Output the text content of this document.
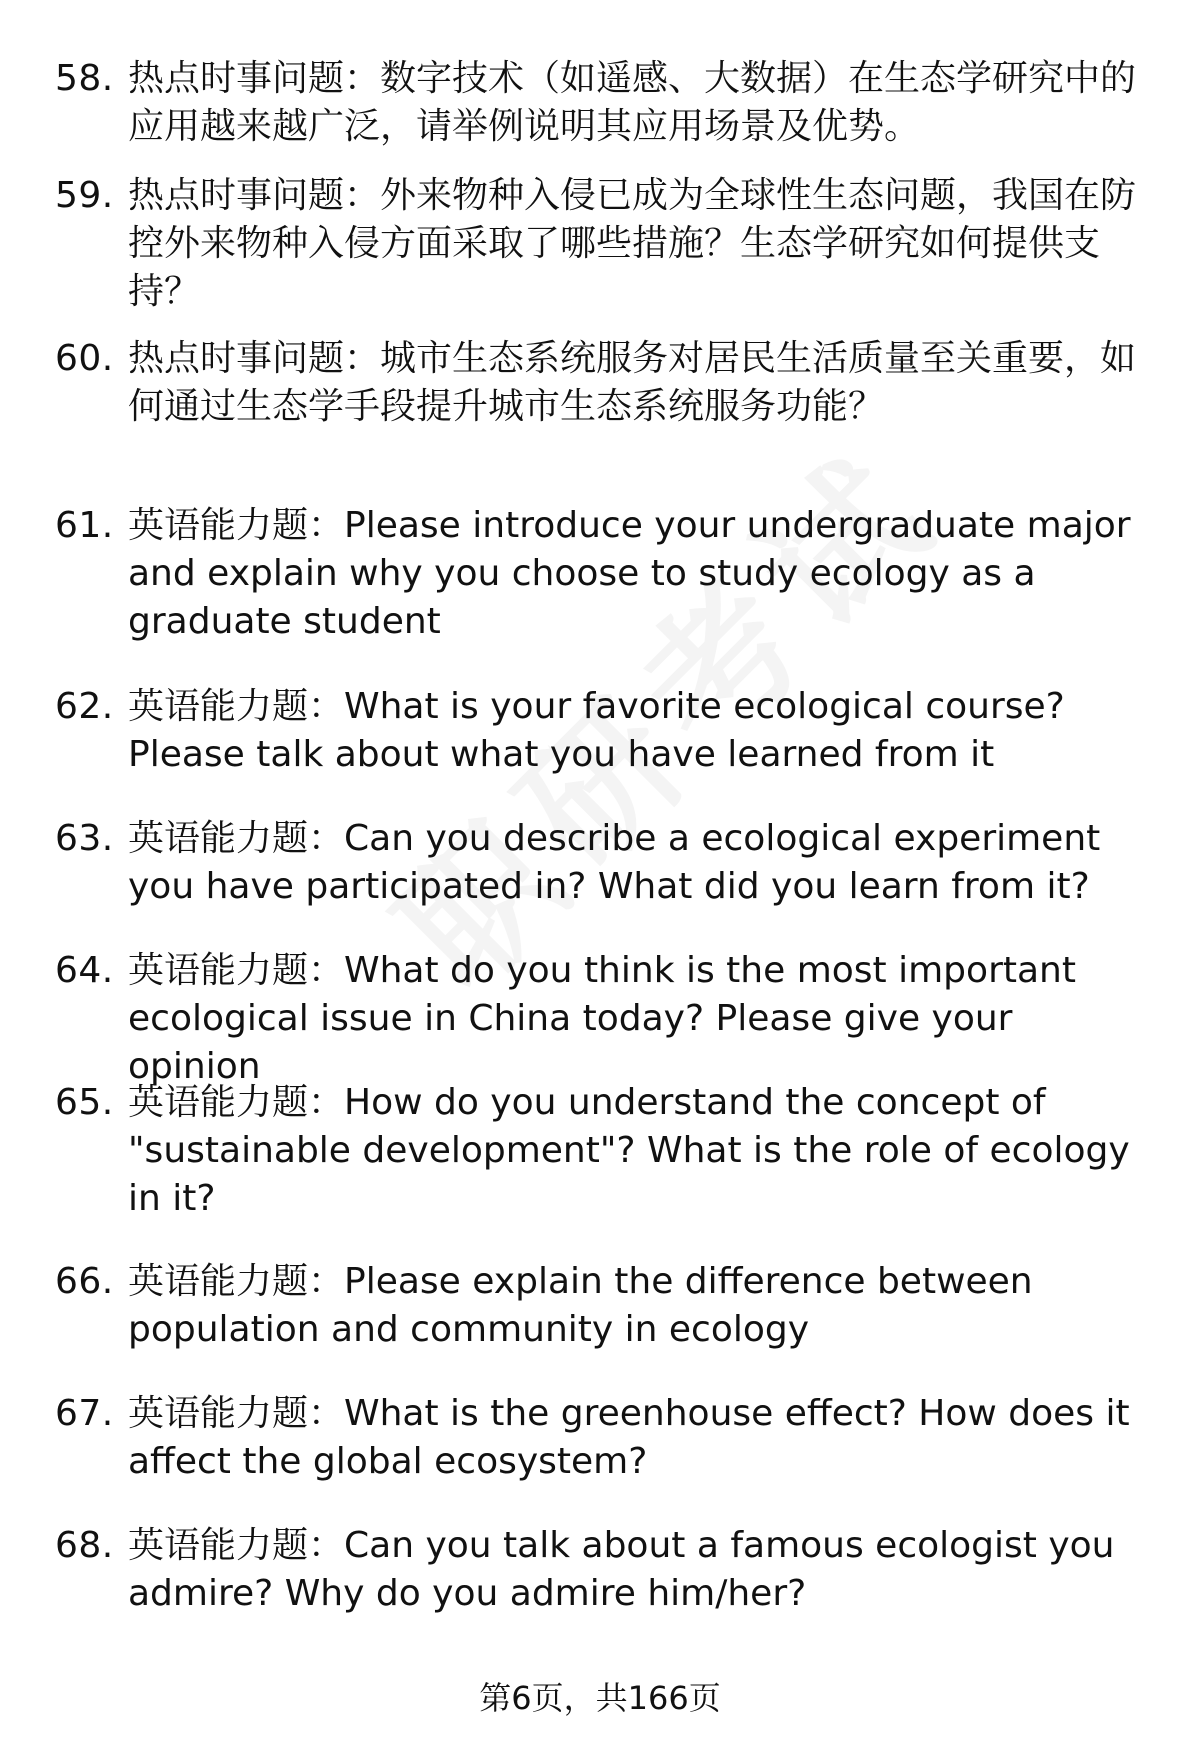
58. 热点时事问题：数字技术（如遥感、大数据）在生态学研究中的应用越来越广泛，请举例说明其应用场景及优势。
59. 热点时事问题：外来物种入侵已成为全球性生态问题，我国在防控外来物种入侵方面采取了哪些措施？生态学研究如何提供支持？
60. 热点时事问题：城市生态系统服务对居民生活质量至关重要，如何通过生态学手段提升城市生态系统服务功能？
61. 英语能力题：Please introduce your undergraduate major and explain why you choose to study ecology as a graduate student
62. 英语能力题：What is your favorite ecological course? Please talk about what you have learned from it
63. 英语能力题：Can you describe a ecological experiment you have participated in? What did you learn from it?
64. 英语能力题：What do you think is the most important ecological issue in China today? Please give your opinion
65. 英语能力题：How do you understand the concept of "sustainable development"? What is the role of ecology in it?
66. 英语能力题：Please explain the difference between population and community in ecology
67. 英语能力题：What is the greenhouse effect? How does it affect the global ecosystem?
68. 英语能力题：Can you talk about a famous ecologist you admire? Why do you admire him/her?
第6页，共166页
